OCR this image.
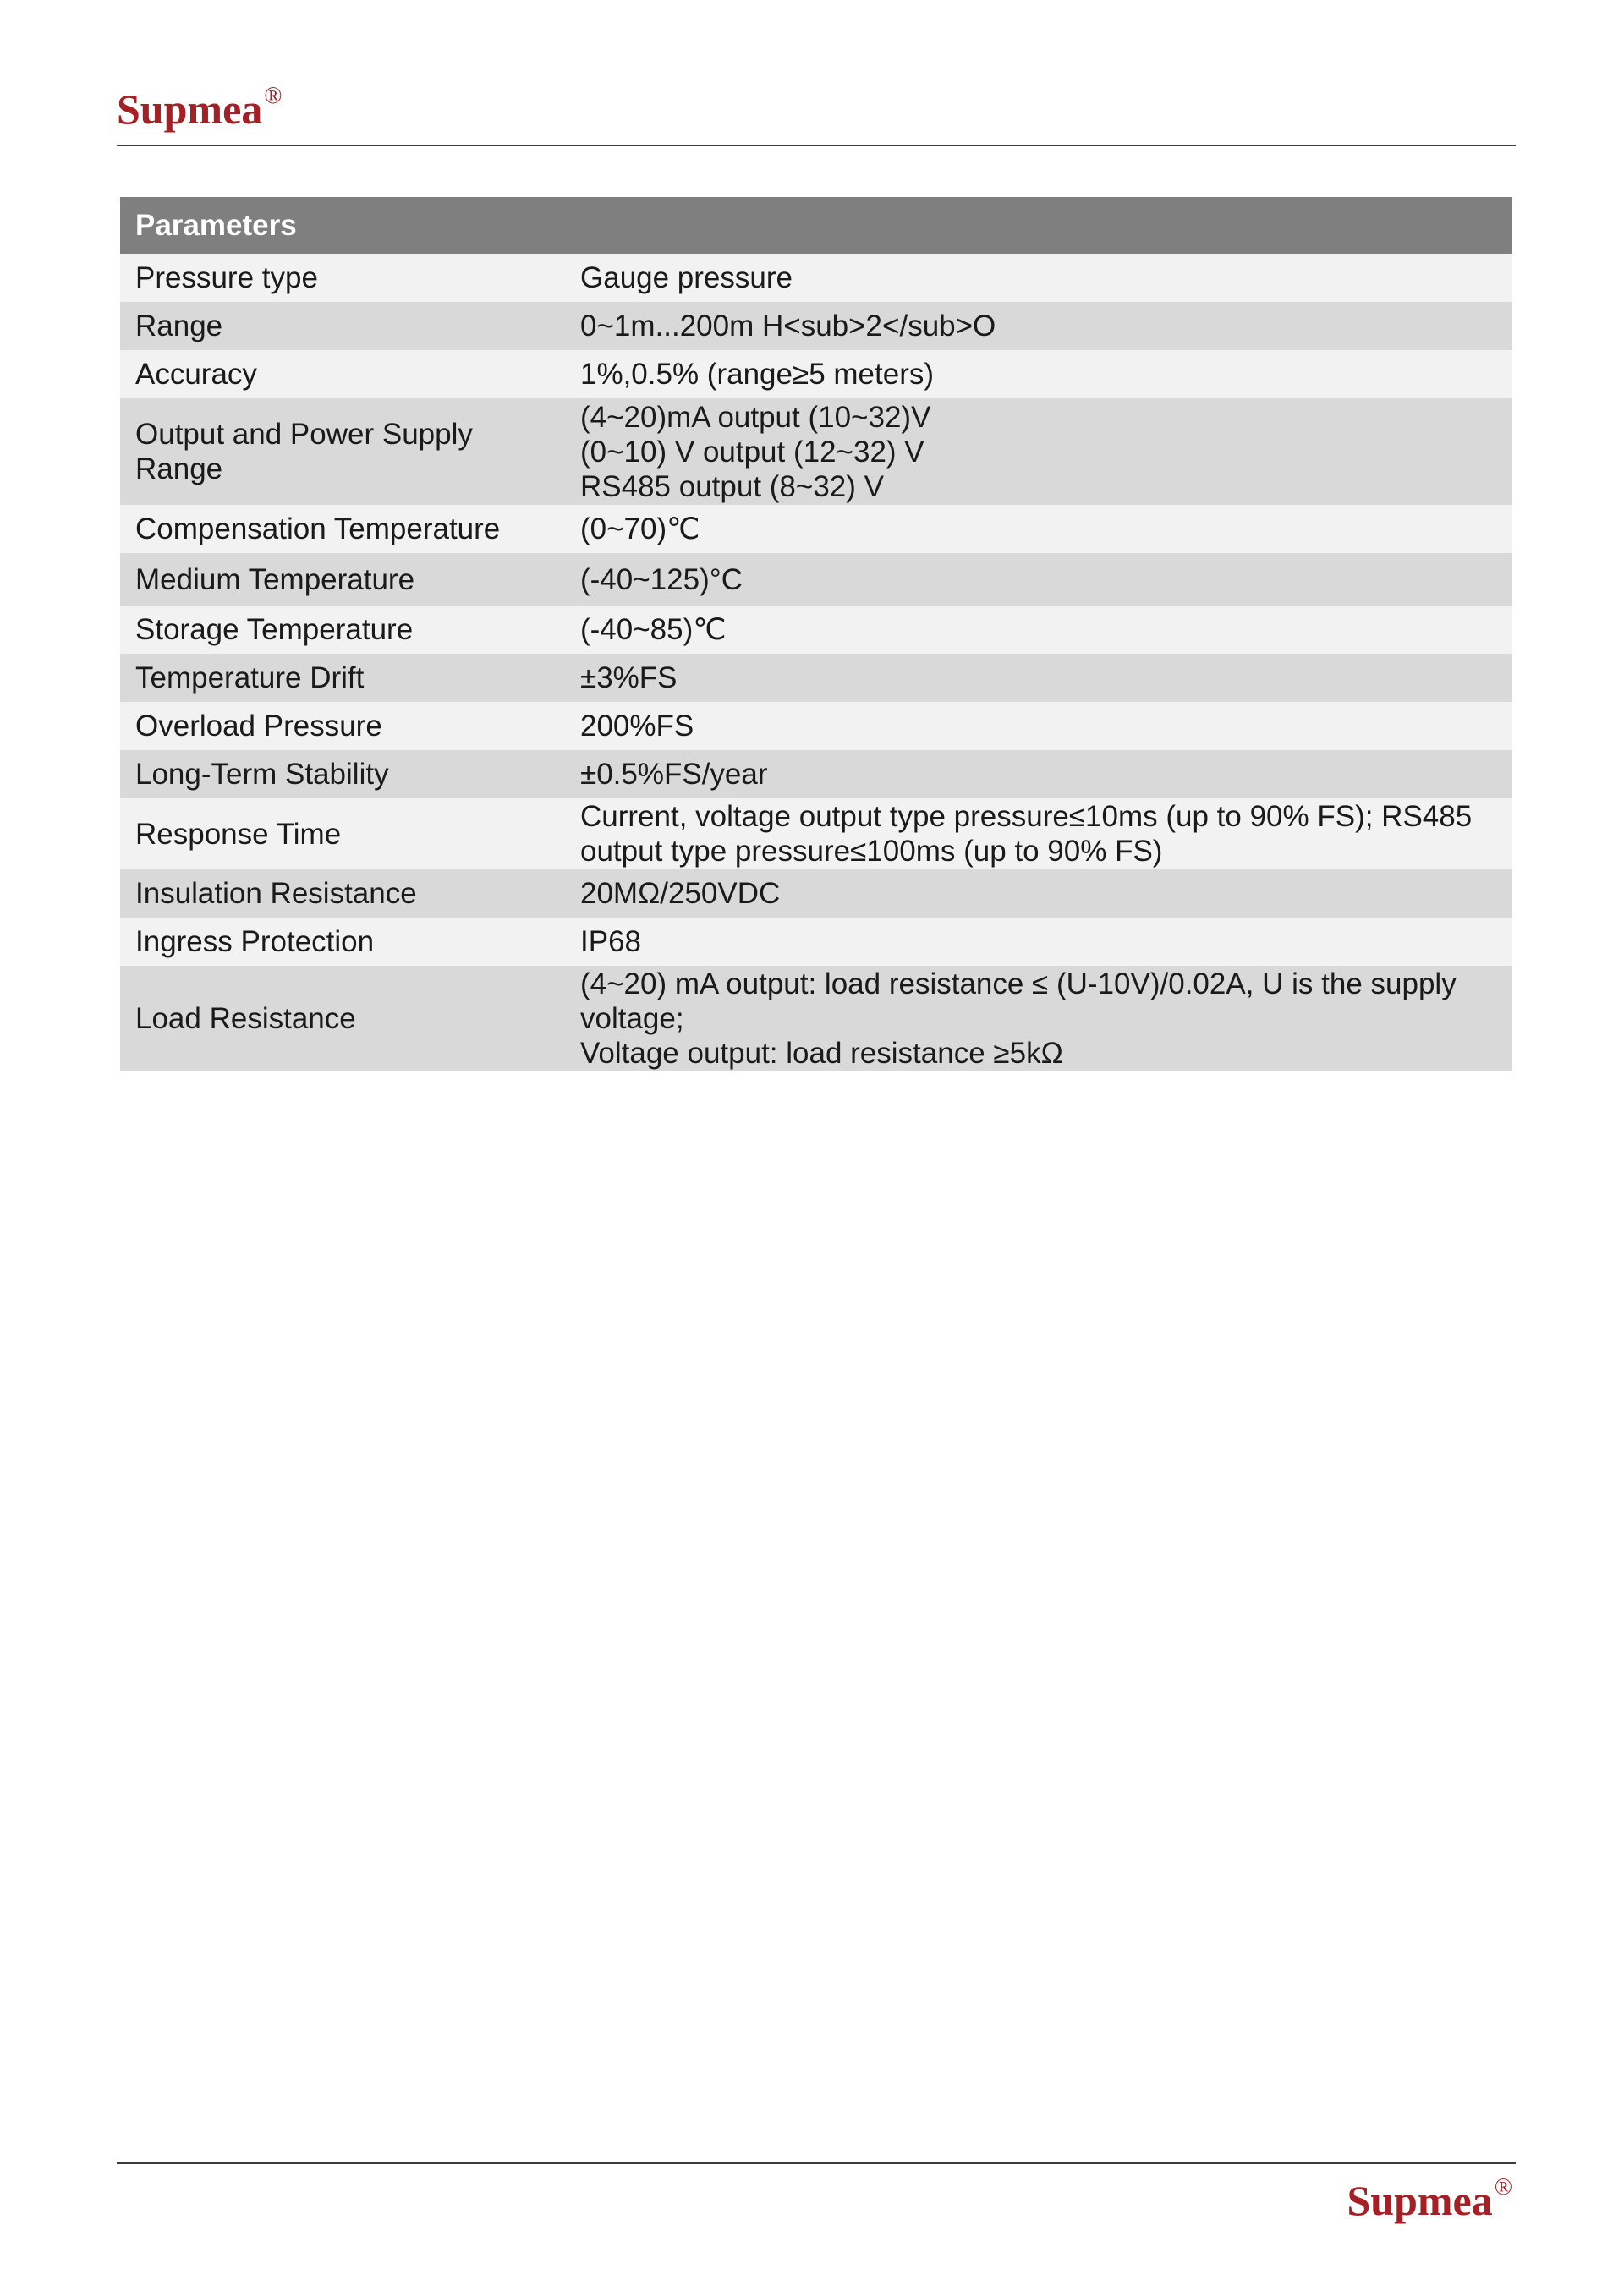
Supmea®
Parameters	
Pressure type	Gauge pressure

Range	0~1m...200m H<sub>2</sub>O

Accuracy	1%,0.5% (range≥5 meters)

Output and Power Supply Range	(4~20)mA output (10~32)V
(0~10) V output (12~32) V
RS485 output (8~32) V

Compensation Temperature	(0~70)℃

Medium Temperature	(-40~125)°C

Storage Temperature	(-40~85)℃

Temperature Drift	±3%FS

Overload Pressure	200%FS

Long-Term Stability	±0.5%FS/year

Response Time	Current, voltage output type pressure≤10ms (up to 90% FS); RS485 output type pressure≤100ms (up to 90% FS)

Insulation Resistance	20MΩ/250VDC

Ingress Protection	IP68

Load Resistance	(4~20) mA output: load resistance ≤ (U-10V)/0.02A, U is the supply voltage;
Voltage output: load resistance ≥5kΩ
Supmea®
